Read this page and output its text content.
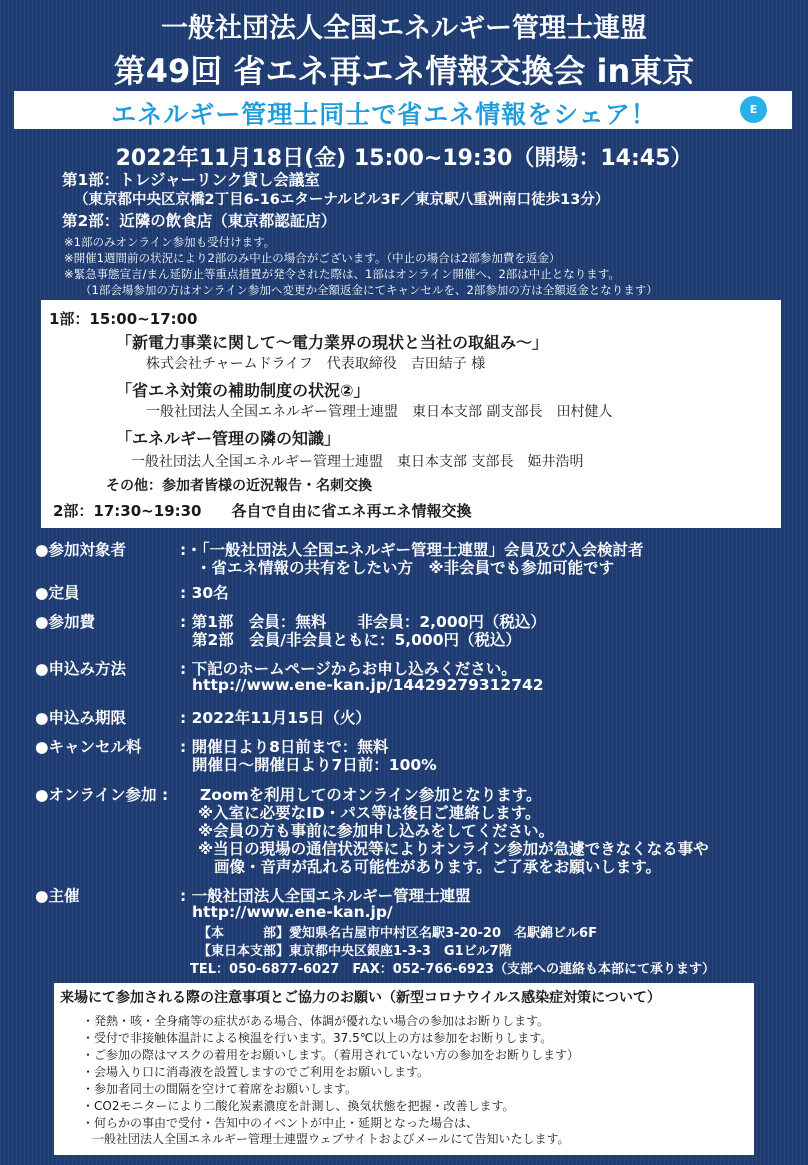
一般社団法人全国エネルギー管理士連盟
第49回 省エネ再エネ情報交換会 in東京
エネルギー管理士同士で省エネ情報をシェア！	E
2022年11月18日(金) 15:00~19:30（開場：14:45）
第1部：トレジャーリンク貸し会議室
（東京都中央区京橋2丁目6-16エターナルビル3F／東京駅八重洲南口徒歩13分）
第2部：近隣の飲食店（東京都認証店）
※1部のみオンライン参加も受付けます。
※開催1週間前の状況により2部のみ中止の場合がございます。（中止の場合は2部参加費を返金）
※緊急事態宣言/まん延防止等重点措置が発令された際は、1部はオンライン開催へ、2部は中止となります。
（1部会場参加の方はオンライン参加へ変更か全額返金にてキャンセルを、2部参加の方は全額返金となります）
1部：15:00~17:00
「新電力事業に関して～電力業界の現状と当社の取組み～」
株式会社チャームドライフ　代表取締役　吉田結子 様
「省エネ対策の補助制度の状況②」
一般社団法人全国エネルギー管理士連盟　東日本支部 副支部長　田村健人
「エネルギー管理の隣の知識」
一般社団法人全国エネルギー管理士連盟　東日本支部 支部長　姫井浩明
その他：参加者皆様の近況報告・名刺交換
2部：17:30~19:30　　各自で自由に省エネ再エネ情報交換
●参加対象者	:・「一般社団法人全国エネルギー管理士連盟」会員及び入会検討者
・省エネ情報の共有をしたい方　※非会員でも参加可能です
●定員	: 30名
●参加費	: 第1部　会員：無料　　非会員：2,000円（税込）
第2部　会員/非会員ともに：5,000円（税込）
●申込み方法	: 下記のホームページからお申し込みください。
http://www.ene-kan.jp/14429279312742
●申込み期限	: 2022年11月15日（火）
●キャンセル料 : 開催日より8日前まで：無料
開催日～開催日より7日前：100%
●オンライン参加 : Zoomを利用してのオンライン参加となります。
※入室に必要なID・パス等は後日ご連絡します。
※会員の方も事前に参加申し込みをしてください。
※当日の現場の通信状況等によりオンライン参加が急遽できなくなる事や
画像・音声が乱れる可能性があります。ご了承をお願いします。
●主催	: 一般社団法人全国エネルギー管理士連盟
http://www.ene-kan.jp/
【本　　　部】愛知県名古屋市中村区名駅3-20-20　名駅錦ビル6F
【東日本支部】東京都中央区銀座1-3-3　G1ビル7階
TEL：050-6877-6027　FAX：052-766-6923（支部への連絡も本部にて承ります）
来場にて参加される際の注意事項とご協力のお願い（新型コロナウイルス感染症対策について）
・発熱・咳・全身痛等の症状がある場合、体調が優れない場合の参加はお断りします。
・受付で非接触体温計による検温を行います。37.5℃以上の方は参加をお断りします。
・ご参加の際はマスクの着用をお願いします。（着用されていない方の参加をお断りします）
・会場入り口に消毒液を設置しますのでご利用をお願いします。
・参加者同士の間隔を空けて着席をお願いします。
・CO2モニターにより二酸化炭素濃度を計測し、換気状態を把握・改善します。
・何らかの事由で受付・告知中のイベントが中止・延期となった場合は、
一般社団法人全国エネルギー管理士連盟ウェブサイトおよびメールにて告知いたします。
